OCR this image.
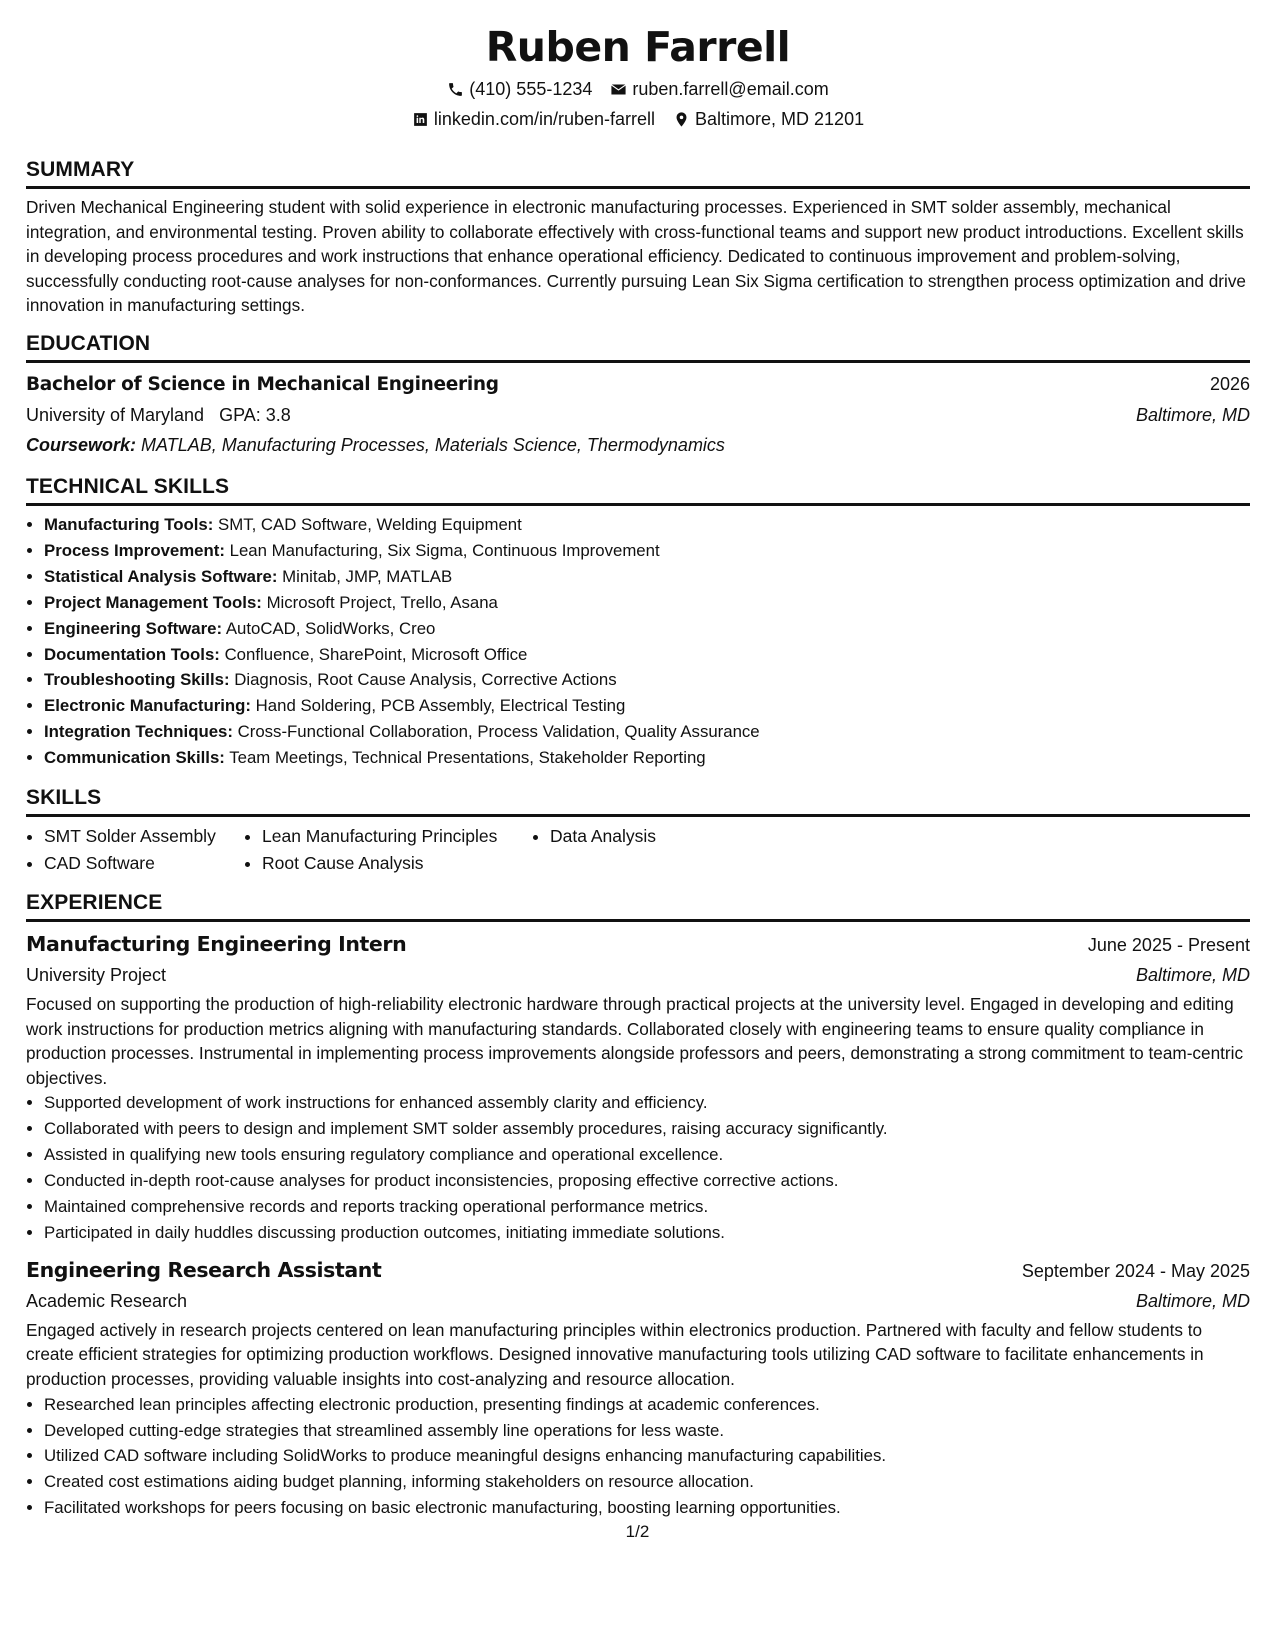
Ruben Farrell
(410) 555-1234 ruben.farrell@email.com
linkedin.com/in/ruben-farrell Baltimore, MD 21201
SUMMARY

Driven Mechanical Engineering student with solid experience in electronic manufacturing processes. Experienced in SMT solder assembly, mechanical integration, and environmental testing. Proven ability to collaborate effectively with cross-functional teams and support new product introductions. Excellent skills in developing process procedures and work instructions that enhance operational efficiency. Dedicated to continuous improvement and problem-solving, successfully conducting root-cause analyses for non-conformances. Currently pursuing Lean Six Sigma certification to strengthen process optimization and drive innovation in manufacturing settings.

EDUCATION
Bachelor of Science in Mechanical Engineering	2026
University of Maryland GPA: 3.8	Baltimore, MD
Coursework: MATLAB, Manufacturing Processes, Materials Science, Thermodynamics
TECHNICAL SKILLS
• Manufacturing Tools: SMT, CAD Software, Welding Equipment
• Process Improvement: Lean Manufacturing, Six Sigma, Continuous Improvement
• Statistical Analysis Software: Minitab, JMP, MATLAB
• Project Management Tools: Microsoft Project, Trello, Asana
• Engineering Software: AutoCAD, SolidWorks, Creo
• Documentation Tools: Confluence, SharePoint, Microsoft Office
• Troubleshooting Skills: Diagnosis, Root Cause Analysis, Corrective Actions
• Electronic Manufacturing: Hand Soldering, PCB Assembly, Electrical Testing
• Integration Techniques: Cross-Functional Collaboration, Process Validation, Quality Assurance
• Communication Skills: Team Meetings, Technical Presentations, Stakeholder Reporting
SKILLS
• SMT Solder Assembly	• Lean Manufacturing Principles	• Data Analysis
• CAD Software	• Root Cause Analysis
EXPERIENCE
Manufacturing Engineering Intern	June 2025 - Present
University Project	Baltimore, MD

Focused on supporting the production of high-reliability electronic hardware through practical projects at the university level. Engaged in developing and editing work instructions for production metrics aligning with manufacturing standards. Collaborated closely with engineering teams to ensure quality compliance in production processes. Instrumental in implementing process improvements alongside professors and peers, demonstrating a strong commitment to team-centric objectives.

• Supported development of work instructions for enhanced assembly clarity and efficiency.
• Collaborated with peers to design and implement SMT solder assembly procedures, raising accuracy significantly.
• Assisted in qualifying new tools ensuring regulatory compliance and operational excellence.
• Conducted in-depth root-cause analyses for product inconsistencies, proposing effective corrective actions.
• Maintained comprehensive records and reports tracking operational performance metrics.
• Participated in daily huddles discussing production outcomes, initiating immediate solutions.
Engineering Research Assistant	September 2024 - May 2025
Academic Research	Baltimore, MD

Engaged actively in research projects centered on lean manufacturing principles within electronics production. Partnered with faculty and fellow students to create efficient strategies for optimizing production workflows. Designed innovative manufacturing tools utilizing CAD software to facilitate enhancements in production processes, providing valuable insights into cost-analyzing and resource allocation.

• Researched lean principles affecting electronic production, presenting findings at academic conferences.
• Developed cutting-edge strategies that streamlined assembly line operations for less waste.
• Utilized CAD software including SolidWorks to produce meaningful designs enhancing manufacturing capabilities.
• Created cost estimations aiding budget planning, informing stakeholders on resource allocation.
• Facilitated workshops for peers focusing on basic electronic manufacturing, boosting learning opportunities.
1/2
